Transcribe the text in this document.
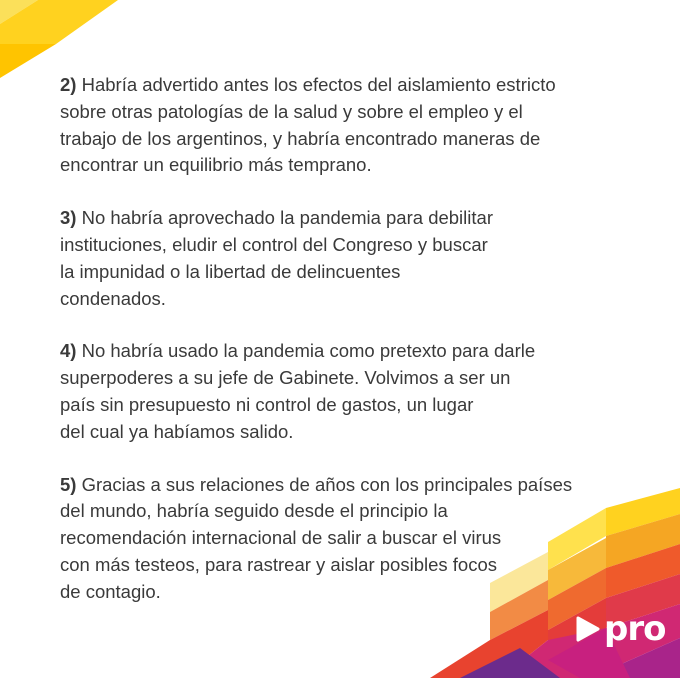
2) Habría advertido antes los efectos del aislamiento estricto
sobre otras patologías de la salud y sobre el empleo y el
trabajo de los argentinos, y habría encontrado maneras de
encontrar un equilibrio más temprano.

3) No habría aprovechado la pandemia para debilitar
instituciones, eludir el control del Congreso y buscar
la impunidad o la libertad de delincuentes
condenados.

4) No habría usado la pandemia como pretexto para darle
superpoderes a su jefe de Gabinete. Volvimos a ser un
país sin presupuesto ni control de gastos, un lugar
del cual ya habíamos salido.

5) Gracias a sus relaciones de años con los principales países
del mundo, habría seguido desde el principio la
recomendación internacional de salir a buscar el virus
con más testeos, para rastrear y aislar posibles focos
de contagio.

pro
